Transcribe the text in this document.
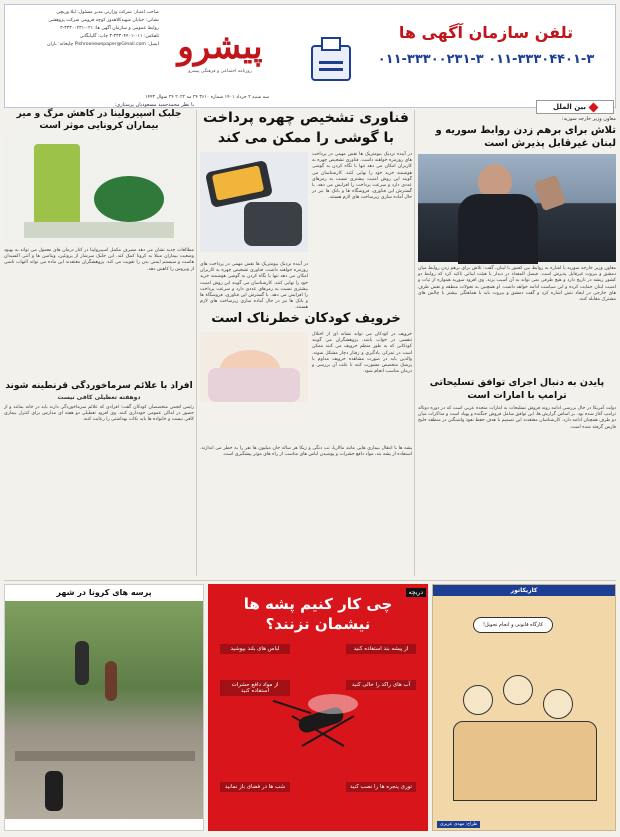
صاحب امتیاز: شرکت وزارتی مدیر مسئول: لیلا وریچی
نشانی: خیابان شهیدکلاهدوز کوچه قزوینی شرکت پژوهشی
روابط عمومی و سازمان آگهی ها: ۰۲۱-۳۳۳۰۰۲۳۱-۳
تلفکس: ۰۱۱-۳۳۳۰۴۴۰۱-۳ چاپ: گلپایگانی
ایمیل: Pishroonewspaper@Gmail.com چاپخانه: باران پیشرو
روزنامه اجتماعی و فرهنگی پیشرو
تلفن سازمان آگهی ها
۰۱۱-۳۳۳۰۰۲۳۱-۳ ۰۱۱-۳۳۳۰۴۴۰۱-۳
سه شنبه ۲ خرداد ۱۴۰۱ شماره ۳۶۱۰ ۲۴ مه ۲۰۲۲ ۲۴ شوال ۱۴۴۳
بین الملل
معاون وزیر خارجه سوریه:
تلاش برای برهم زدن روابط سوریه و لبنان غیرقابل پذیرش است
معاون وزیر خارجه سوریه با اشاره به روابط بین کشور با لبنان، گفت: تلاش برای برهم زدن روابط میان دمشق و بیروت غیرقابل پذیرش است. فیصل المقداد در دیدار با هیئت لبنانی تاکید کرد که روابط دو کشور ریشه در تاریخ دارد و هیچ طرفی نمی تواند به آن آسیب بزند. وی افزود سوریه همواره از ثبات و امنیت لبنان حمایت کرده و این سیاست ادامه خواهد داشت. او همچنین به تحولات منطقه و نقش طرف های خارجی در ایجاد تنش اشاره کرد و گفت دمشق و بیروت باید با هماهنگی بیشتر با چالش های مشترک مقابله کنند.
پایدن به دنبال اجرای توافق تسلیحاتی ترامپ با امارات است
دولت آمریکا در حال بررسی ادامه روند فروش تسلیحات به امارات متحده عربی است که در دوره دونالد ترامپ آغاز شده بود. بر اساس گزارش ها، این توافق شامل فروش جنگنده و پهپاد است و مذاکرات میان دو طرف همچنان ادامه دارد. کارشناسان معتقدند این تصمیم با هدف حفظ نفوذ واشنگتن در منطقه خلیج فارس گرفته شده است.
فناوری تشخیص چهره پرداخت با گوشی را ممکن می کند
در آینده نزدیک بیومتریک ها نقش مهمی در پرداخت های روزمره خواهند داشت. فناوری تشخیص چهره به کاربران امکان می دهد تنها با نگاه کردن به گوشی هوشمند خرید خود را نهایی کنند. کارشناسان می گویند این روش امنیت بیشتری نسبت به رمزهای عددی دارد و سرعت پرداخت را افزایش می دهد. با گسترش این فناوری، فروشگاه ها و بانک ها نیز در حال آماده سازی زیرساخت های لازم هستند.
در آینده نزدیک بیومتریک ها نقش مهمی در پرداخت های روزمره خواهند داشت. فناوری تشخیص چهره به کاربران امکان می دهد تنها با نگاه کردن به گوشی هوشمند خرید خود را نهایی کنند. کارشناسان می گویند این روش امنیت بیشتری نسبت به رمزهای عددی دارد و سرعت پرداخت را افزایش می دهد. با گسترش این فناوری، فروشگاه ها و بانک ها نیز در حال آماده سازی زیرساخت های لازم هستند.
خرویف کودکان خطرناک است
خروپف در کودکان می تواند نشانه ای از اختلال تنفسی در خواب باشد. پژوهشگران می گویند کودکانی که به طور منظم خروپف می کنند ممکن است در تمرکز، یادگیری و رفتار دچار مشکل شوند. والدین باید در صورت مشاهده خروپف مداوم با پزشک متخصص مشورت کنند تا علت آن بررسی و درمان مناسب انجام شود.
پشه ها با انتقال بیماری هایی مانند مالاریا، تب دنگی و زیکا هر ساله جان میلیون ها نفر را به خطر می اندازند. استفاده از پشه بند، مواد دافع حشرات و پوشیدن لباس های مناسب از راه های موثر پیشگیری است.
با نظر محمدحمید مسعودیان پرستاری:
جلبک اسپیرولینا در کاهش مرگ و میر بیماران کرونایی موثر است
مطالعات جدید نشان می دهد مصرف مکمل اسپیرولینا در کنار درمان های معمول می تواند به بهبود وضعیت بیماران مبتلا به کرونا کمک کند. این جلبک سرشار از پروتئین، ویتامین ها و آنتی اکسیدان هاست و سیستم ایمنی بدن را تقویت می کند. پژوهشگران معتقدند این ماده می تواند التهاب ناشی از ویروس را کاهش دهد.
افراد با علائم سرماخوردگی قرنطینه شوند
دوهفته تعطیلی کافی نیست
رئیس انجمن متخصصان کودکان گفت: افرادی که علائم سرماخوردگی دارند باید در خانه بمانند و از حضور در اماکن عمومی خودداری کنند. وی افزود تعطیلی دو هفته ای مدارس برای کنترل بیماری کافی نیست و خانواده ها باید نکات بهداشتی را رعایت کنند.
پرسه های کرونا در شهر
عکس: مجید حسینی
چی کار کنیم پشه ها
نیشمان نزنند؟
دریچه
از پیشه بند استفاده کنید
لباس های بلند بپوشید
آب های راکد را خالی کنید
از مواد دافع حشرات استفاده کنید
توری پنجره ها را نصب کنید
شب ها در فضای باز نمانید
کاریکاتور
کارگاه قانونی و انجام تحویل!
طراح: مهدی عزیزی
